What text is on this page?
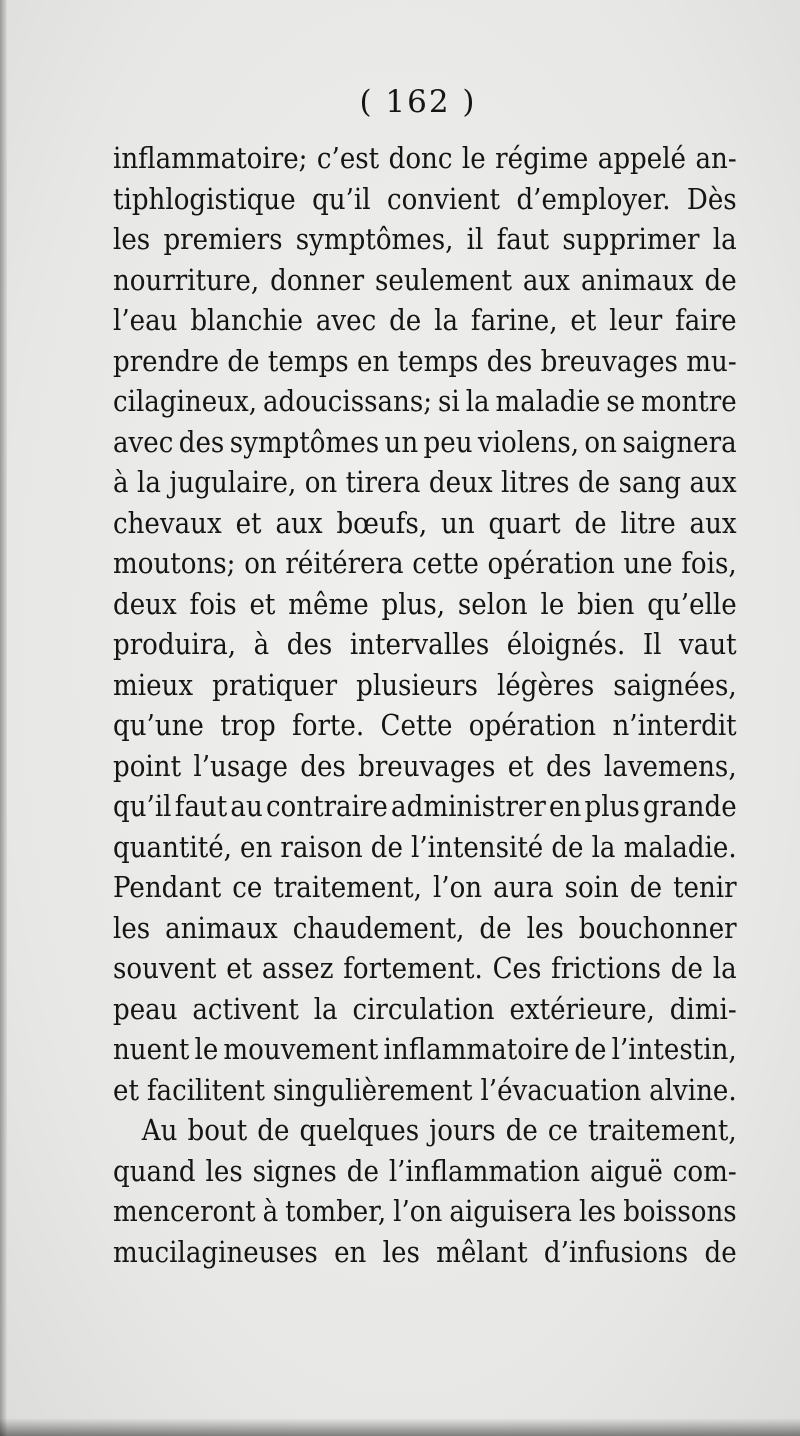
( 162 )
inflammatoire; c’est donc le régime appelé an-
tiphlogistique qu’il convient d’employer. Dès
les premiers symptômes, il faut supprimer la
nourriture, donner seulement aux animaux de
l’eau blanchie avec de la farine, et leur faire
prendre de temps en temps des breuvages mu-
cilagineux, adoucissans; si la maladie se montre
avec des symptômes un peu violens, on saignera
à la jugulaire, on tirera deux litres de sang aux
chevaux et aux bœufs, un quart de litre aux
moutons; on réitérera cette opération une fois,
deux fois et même plus, selon le bien qu’elle
produira, à des intervalles éloignés. Il vaut
mieux pratiquer plusieurs légères saignées,
qu’une trop forte. Cette opération n’interdit
point l’usage des breuvages et des lavemens,
qu’il faut au contraire administrer en plus grande
quantité, en raison de l’intensité de la maladie.
Pendant ce traitement, l’on aura soin de tenir
les animaux chaudement, de les bouchonner
souvent et assez fortement. Ces frictions de la
peau activent la circulation extérieure, dimi-
nuent le mouvement inflammatoire de l’intestin,
et facilitent singulièrement l’évacuation alvine.
Au bout de quelques jours de ce traitement,
quand les signes de l’inflammation aiguë com-
menceront à tomber, l’on aiguisera les boissons
mucilagineuses en les mêlant d’infusions de
